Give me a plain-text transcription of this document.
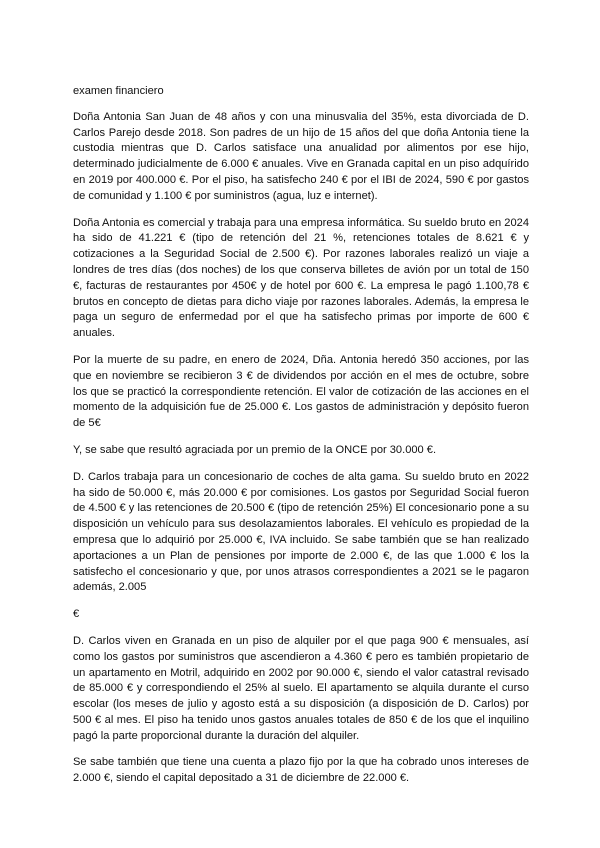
examen financiero

Doña Antonia San Juan de 48 años y con una minusvalia del 35%, esta divorciada de D. Carlos Parejo desde 2018. Son padres de un hijo de 15 años del que doña Antonia tiene la custodia mientras que D. Carlos satisface una anualidad por alimentos por ese hijo, determinado judicialmente de 6.000 € anuales. Vive en Granada capital en un piso adquírido en 2019 por 400.000 €. Por el piso, ha satisfecho 240 € por el IBI de 2024, 590 € por gastos de comunidad y 1.100 € por suministros (agua, luz e internet).

Doña Antonia es comercial y trabaja para una empresa informática. Su sueldo bruto en 2024 ha sido de 41.221 € (tipo de retención del 21 %, retenciones totales de 8.621 € y cotizaciones a la Seguridad Social de 2.500 €). Por razones laborales realizó un viaje a londres de tres días (dos noches) de los que conserva billetes de avión por un total de 150 €, facturas de restaurantes por 450€ y de hotel por 600 €. La empresa le pagó 1.100,78 € brutos en concepto de dietas para dicho viaje por razones laborales. Además, la empresa le paga un seguro de enfermedad por el que ha satisfecho primas por importe de 600 € anuales.

Por la muerte de su padre, en enero de 2024, Dña. Antonia heredó 350 acciones, por las que en noviembre se recibieron 3 € de dividendos por acción en el mes de octubre, sobre los que se practicó la correspondiente retención. El valor de cotización de las acciones en el momento de la adquisición fue de 25.000 €. Los gastos de administración y depósito fueron de 5€

Y, se sabe que resultó agraciada por un premio de la ONCE por 30.000 €.

D. Carlos trabaja para un concesionario de coches de alta gama. Su sueldo bruto en 2022 ha sido de 50.000 €, más 20.000 € por comisiones. Los gastos por Seguridad Social fueron de 4.500 € y las retenciones de 20.500 € (tipo de retención 25%) El concesionario pone a su disposición un vehículo para sus desolazamientos laborales. El vehículo es propiedad de la empresa que lo adquirió por 25.000 €, IVA incluido. Se sabe también que se han realizado aportaciones a un Plan de pensiones por importe de 2.000 €, de las que 1.000 € los la satisfecho el concesionario y que, por unos atrasos correspondientes a 2021 se le pagaron además, 2.005

€

D. Carlos viven en Granada en un piso de alquiler por el que paga 900 € mensuales, así como los gastos por suministros que ascendieron a 4.360 € pero es también propietario de un apartamento en Motril, adquirido en 2002 por 90.000 €, siendo el valor catastral revisado de 85.000 € y correspondiendo el 25% al suelo. El apartamento se alquila durante el curso escolar (los meses de julio y agosto está a su disposición (a disposición de D. Carlos) por 500 € al mes. El piso ha tenido unos gastos anuales totales de 850 € de los que el inquilino pagó la parte proporcional durante la duración del alquiler.

Se sabe también que tiene una cuenta a plazo fijo por la que ha cobrado unos intereses de 2.000 €, siendo el capital depositado a 31 de diciembre de 22.000 €.
